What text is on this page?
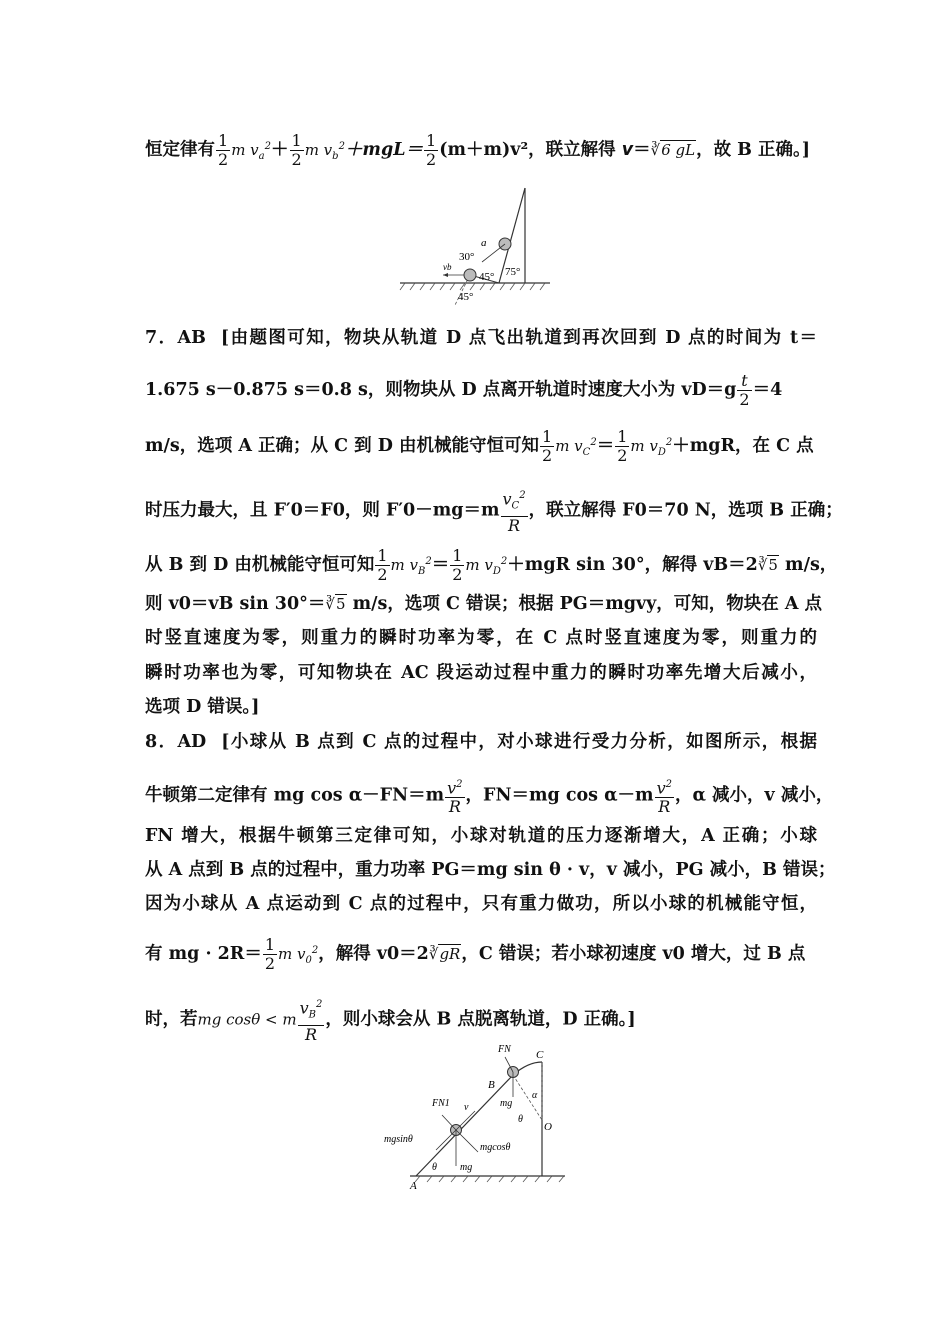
恒定律有 $\frac{1}{2}$ m $v_a^2+ \frac{1}{2}$ m $v_b^2+mgL= \frac{1}{2} (m+m)v^2$，联立解得 v＝∛6 gL，故 B 正确。]
30°
a
vb
45° 75°
45°
7．AB [由题图可知，物块从轨道 D 点飞出轨道到再次回到 D 点的时间为 t＝
1.675 s－0.875 s＝0.8 s，则物块从 D 点离开轨道时速度大小为 $vD=g \frac{t}{2} =4$
m/s，选项 A 正确；从 C 到 D 由机械能守恒可知 $\frac{1}{2}$ m $v_C^2= \frac{1}{2}$ m $v_D^2+mgR$，在 C 点
时压力最大，且 F′0＝F0，则 $F'0-mg=m \frac{v_C^2}{R}$ ，联立解得 F0＝70 N，选项 B 正确；
从 B 到 D 由机械能守恒可知 $\frac{1}{2}$ m $v_B^2= \frac{1}{2}$ m $v_D^2+mgR$ sin 30°，解得 vB＝2∛5 m/s，
则 v0＝vB sin 30°＝∛5 m/s，选项 C 错误；根据 PG＝mgvy，可知，物块在 A 点
时竖直速度为零，则重力的瞬时功率为零，在 C 点时竖直速度为零，则重力的
瞬时功率也为零，可知物块在 AC 段运动过程中重力的瞬时功率先增大后减小，
选项 D 错误。]
8．AD [小球从 B 点到 C 点的过程中，对小球进行受力分析，如图所示，根据
牛顿第二定律有 mg $\cos \alpha-FN=m \frac{v^2}{R}$ ，FN＝mg $\cos \alpha-m \frac{v^2}{R}$ ，α 减小，v 减小，
FN 增大，根据牛顿第三定律可知，小球对轨道的压力逐渐增大，A 正确；小球
从 A 点到 B 点的过程中，重力功率 PG＝mg sin θ · v，v 减小，PG 减小，B 错误；
因为小球从 A 点运动到 C 点的过程中，只有重力做功，所以小球的机械能守恒，
有 mg · $2R= \frac{1}{2}$ m $v_0^2$，解得 v0＝2∛gR，C 错误；若小球初速度 v0 增大，过 B 点
时，若mg cosθ < m $\frac{v_B^2}{R}$ ，则小球会从 B 点脱离轨道，D 正确。]
FN C
B
mg
α
θ
O
FN1 v
mgsinθ
mgcosθ
θ mg
A
